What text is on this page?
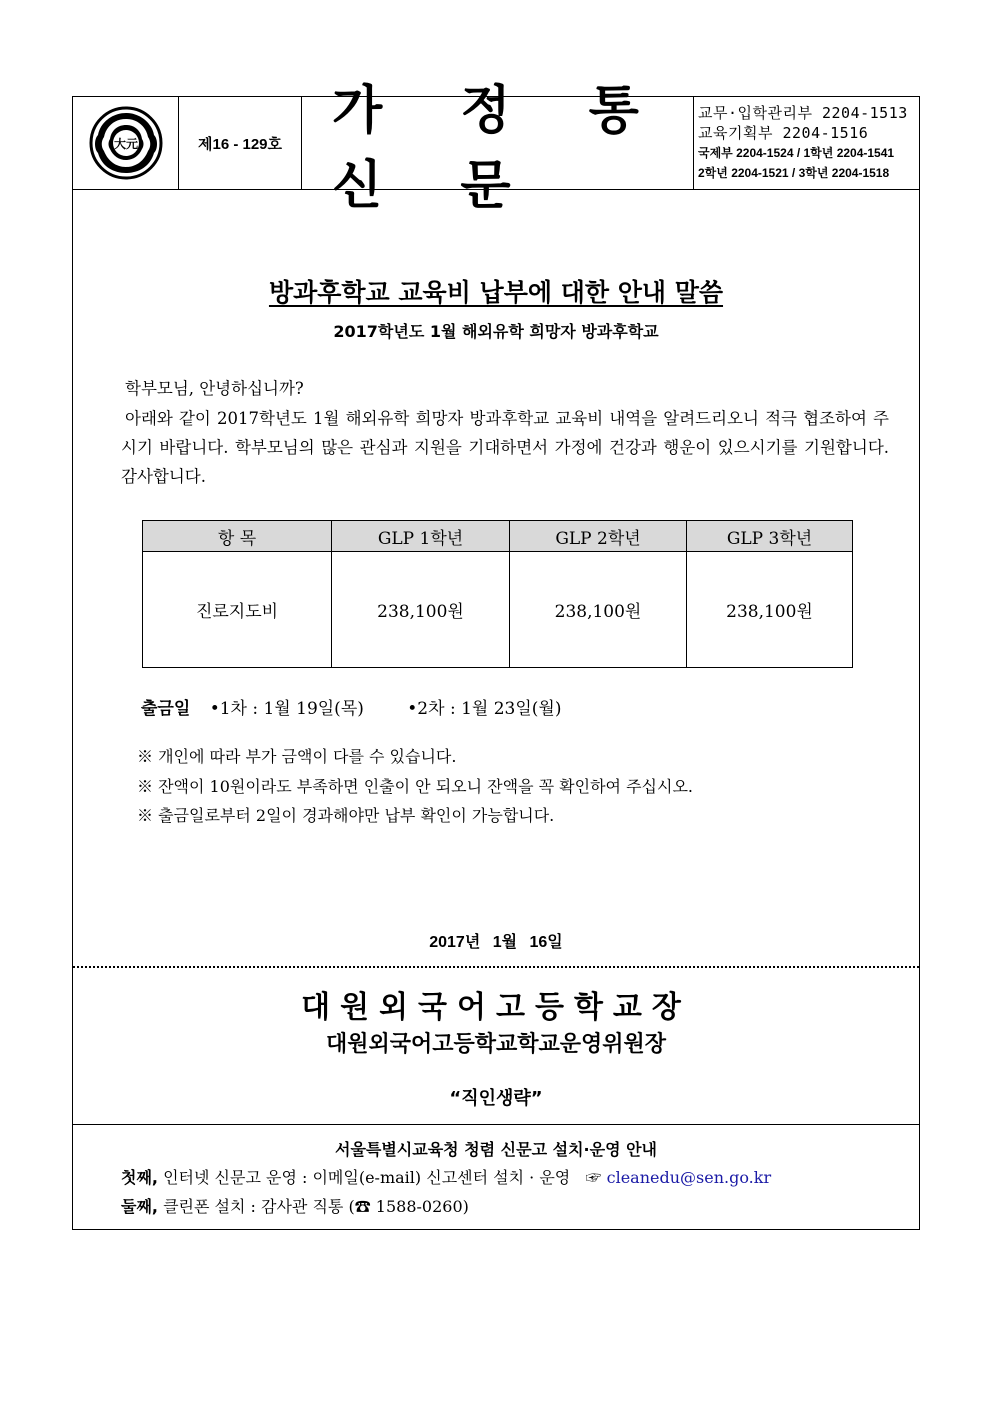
大元	제16 - 129호
가 정 통 신 문
교무·입학관리부 2204-1513
교육기획부 2204-1516
국제부 2204-1524 / 1학년 2204-1541
2학년 2204-1521 / 3학년 2204-1518
방과후학교 교육비 납부에 대한 안내 말씀
2017학년도 1월 해외유학 희망자 방과후학교
학부모님, 안녕하십니까?
아래와 같이 2017학년도 1월 해외유학 희망자 방과후학교 교육비 내역을 알려드리오니 적극 협조하여 주시기 바랍니다. 학부모님의 많은 관심과 지원을 기대하면서 가정에 건강과 행운이 있으시기를 기원합니다. 감사합니다.
항 목	GLP 1학년	GLP 2학년	GLP 3학년
진로지도비	238,100원	238,100원	238,100원
출금일 •1차 : 1월 19일(목)	•2차 : 1월 23일(월)
※ 개인에 따라 부가 금액이 다를 수 있습니다.
※ 잔액이 10원이라도 부족하면 인출이 안 되오니 잔액을 꼭 확인하여 주십시오.
※ 출금일로부터 2일이 경과해야만 납부 확인이 가능합니다.
2017년 1월 16일
대원외국어고등학교장
대원외국어고등학교학교운영위원장
“직인생략”
서울특별시교육청 청렴 신문고 설치·운영 안내
첫째, 인터넷 신문고 운영 : 이메일(e-mail) 신고센터 설치 · 운영 ☞ cleanedu@sen.go.kr
둘째, 클린폰 설치 : 감사관 직통 (☎ 1588-0260)
